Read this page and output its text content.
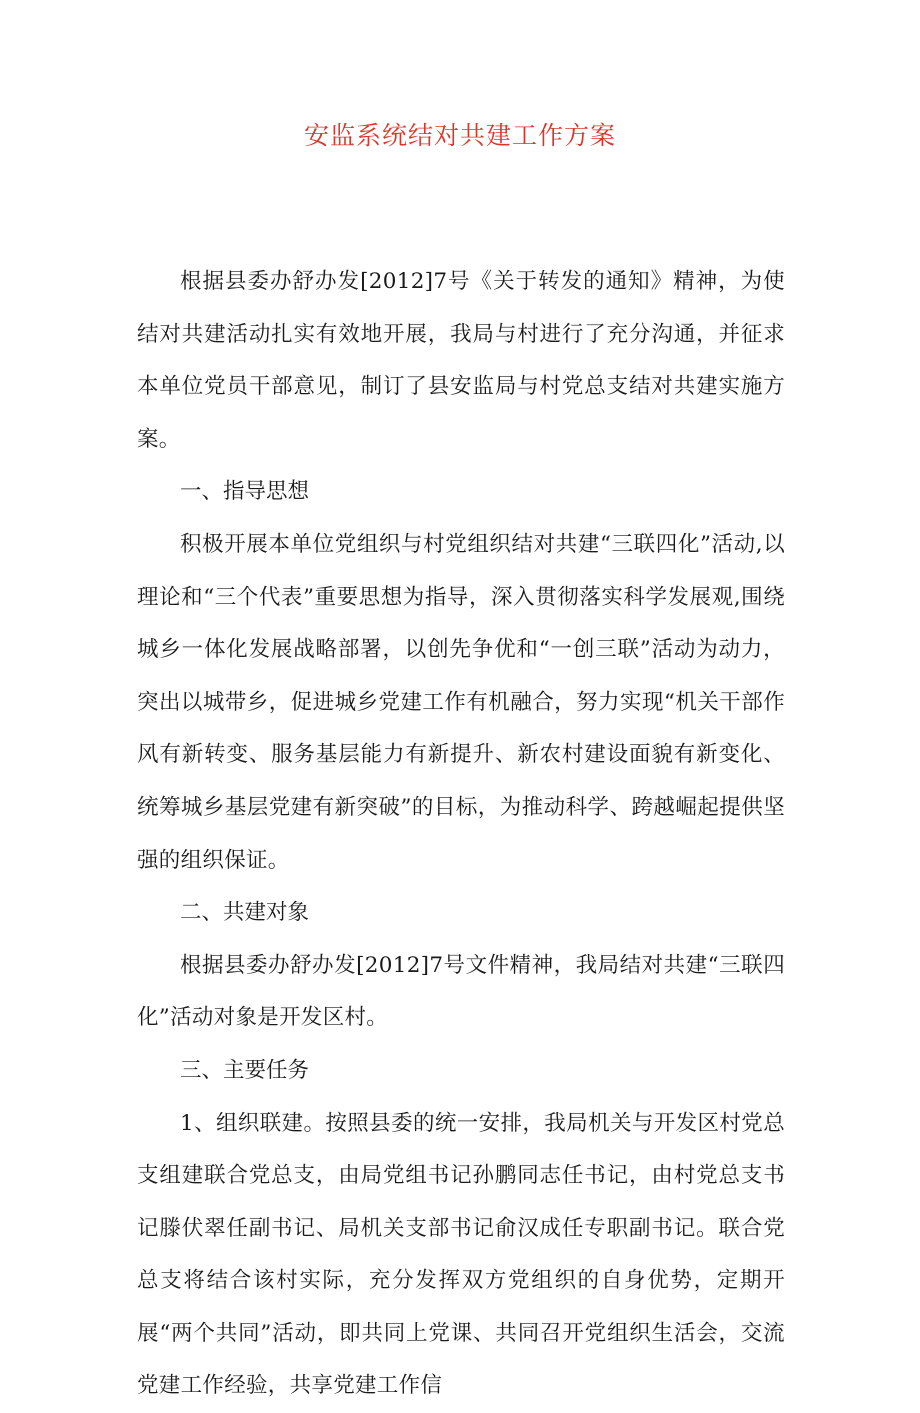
安监系统结对共建工作方案

根据县委办舒办发[2012]7号《关于转发的通知》精神，为使结对共建活动扎实有效地开展，我局与村进行了充分沟通，并征求本单位党员干部意见，制订了县安监局与村党总支结对共建实施方案。

一、指导思想

积极开展本单位党组织与村党组织结对共建“三联四化”活动,以理论和“三个代表”重要思想为指导，深入贯彻落实科学发展观,围绕城乡一体化发展战略部署，以创先争优和“一创三联”活动为动力，突出以城带乡，促进城乡党建工作有机融合，努力实现“机关干部作风有新转变、服务基层能力有新提升、新农村建设面貌有新变化、统筹城乡基层党建有新突破”的目标，为推动科学、跨越崛起提供坚强的组织保证。

二、共建对象

根据县委办舒办发[2012]7号文件精神，我局结对共建“三联四化”活动对象是开发区村。

三、主要任务

1、组织联建。按照县委的统一安排，我局机关与开发区村党总支组建联合党总支，由局党组书记孙鹏同志任书记，由村党总支书记滕伏翠任副书记、局机关支部书记俞汉成任专职副书记。联合党总支将结合该村实际，充分发挥双方党组织的自身优势，定期开展“两个共同”活动，即共同上党课、共同召开党组织生活会，交流党建工作经验，共享党建工作信
